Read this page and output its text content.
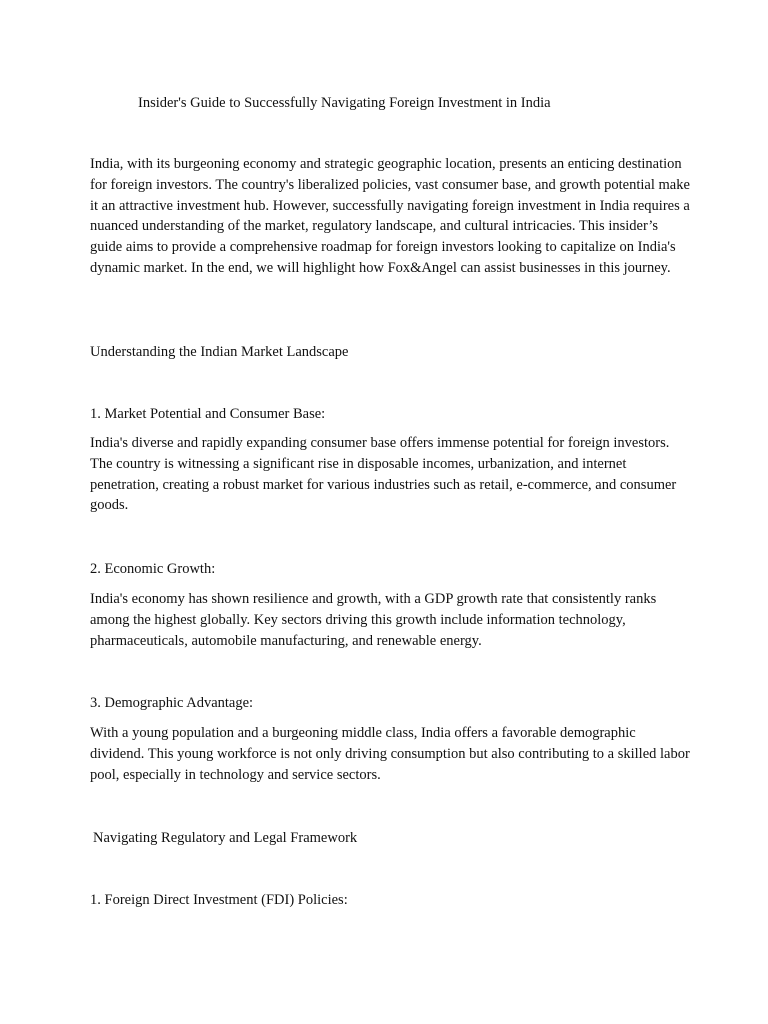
Insider's Guide to Successfully Navigating Foreign Investment in India

India, with its burgeoning economy and strategic geographic location, presents an enticing destination for foreign investors. The country's liberalized policies, vast consumer base, and growth potential make it an attractive investment hub. However, successfully navigating foreign investment in India requires a nuanced understanding of the market, regulatory landscape, and cultural intricacies. This insider’s guide aims to provide a comprehensive roadmap for foreign investors looking to capitalize on India's dynamic market. In the end, we will highlight how Fox&Angel can assist businesses in this journey.

Understanding the Indian Market Landscape
1. Market Potential and Consumer Base:

India's diverse and rapidly expanding consumer base offers immense potential for foreign investors. The country is witnessing a significant rise in disposable incomes, urbanization, and internet penetration, creating a robust market for various industries such as retail, e-commerce, and consumer goods.

2. Economic Growth:

India's economy has shown resilience and growth, with a GDP growth rate that consistently ranks among the highest globally. Key sectors driving this growth include information technology, pharmaceuticals, automobile manufacturing, and renewable energy.

3. Demographic Advantage:

With a young population and a burgeoning middle class, India offers a favorable demographic dividend. This young workforce is not only driving consumption but also contributing to a skilled labor pool, especially in technology and service sectors.

Navigating Regulatory and Legal Framework
1. Foreign Direct Investment (FDI) Policies:
